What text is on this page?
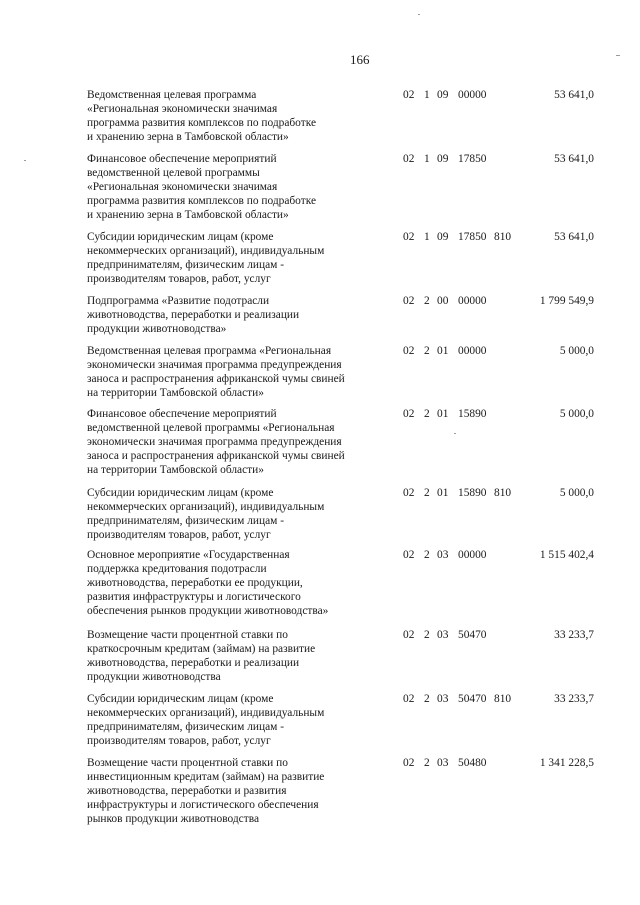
166
Ведомственная целевая программа
«Региональная экономически значимая
программа развития комплексов по подработке
и хранению зерна в Тамбовской области»
02 1 09 00000	53 641,0
Финансовое обеспечение мероприятий
ведомственной целевой программы
«Региональная экономически значимая
программа развития комплексов по подработке
и хранению зерна в Тамбовской области»
02 1 09 17850	53 641,0
Субсидии юридическим лицам (кроме
некоммерческих организаций), индивидуальным
предпринимателям, физическим лицам -
производителям товаров, работ, услуг
02 1 09 17850 810	53 641,0
Подпрограмма «Развитие подотрасли
животноводства, переработки и реализации
продукции животноводства»
02 2 00 00000	1 799 549,9
Ведомственная целевая программа «Региональная
экономически значимая программа предупреждения
заноса и распространения африканской чумы свиней
на территории Тамбовской области»
02 2 01 00000	5 000,0
Финансовое обеспечение мероприятий
ведомственной целевой программы «Региональная
экономически значимая программа предупреждения
заноса и распространения африканской чумы свиней
на территории Тамбовской области»
02 2 01 15890	5 000,0
Субсидии юридическим лицам (кроме
некоммерческих организаций), индивидуальным
предпринимателям, физическим лицам -
производителям товаров, работ, услуг
02 2 01 15890 810	5 000,0
Основное мероприятие «Государственная
поддержка кредитования подотрасли
животноводства, переработки ее продукции,
развития инфраструктуры и логистического
обеспечения рынков продукции животноводства»
02 2 03 00000	1 515 402,4
Возмещение части процентной ставки по
краткосрочным кредитам (займам) на развитие
животноводства, переработки и реализации
продукции животноводства
02 2 03 50470	33 233,7
Субсидии юридическим лицам (кроме
некоммерческих организаций), индивидуальным
предпринимателям, физическим лицам -
производителям товаров, работ, услуг
02 2 03 50470 810	33 233,7
Возмещение части процентной ставки по
инвестиционным кредитам (займам) на развитие
животноводства, переработки и развития
инфраструктуры и логистического обеспечения
рынков продукции животноводства
02 2 03 50480	1 341 228,5
